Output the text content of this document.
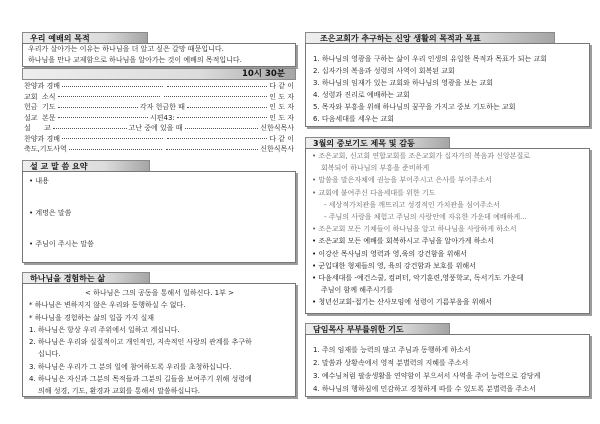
우리 예배의 목적
우리가 살아가는 이유는 하나님을 더 알고 싶은 갈망 때문입니다.
하나님을 만나 교제함으로 하나님을 알아가는 것이 예배의 목적입니다.

10시 30분

찬양과 경배	다 같 이
교회  소식	인 도 자
헌금  기도	각자 헌금한 때	인 도 자
설교  본문	시편43:	인 도 자
설      교	고난 중에 있을 때	신한식목사
찬양과 경배	다 같 이
축도,기도사역	신한식목사
설 교 말 씀 요약
• 내용
• 계명은 말씀
• 주님이 주시는 말씀
하나님을 경험하는 삶
< 하나님은 그의 공동을 통해서 일하신다. 1부 >
* 하나님은 변하지지 않은 우리와 동행하실 수 없다.
* 하나님을 경험하는 삶의 일곱 가지 실재
1. 하나님은 항상 우리 주위에서 일하고 계십니다.
2. 하나님은 우리와 실질적이고 개인적인, 지속적인 사랑의 관계를 추구하
십니다.
3. 하나님은 우리가 그 분의 일에 참여하도록 우리를 초청하십니다.
4. 하나님은 자신과 그분의 목적들과 그분의 길들을 보여주기 위해 성령에
의해 성경, 기도, 환경과 교회를 통해서 말씀하십니다.
조은교회가 추구하는 신앙 생활의 목적과 목표
1. 하나님의 영광을 구하는 삶이 우리 인생의 유일한 목적과 목표가 되는 교회
2. 십자가의 복음과 성령의 사역이 회복된 교회
3. 하나님의 임재가 있는 교회와 하나님의 영광을 보는 교회
4. 성령과 진리로 예배하는 교회
5. 목자와 부흥을 위해 하나님의 꿈꾸을 가지고 중보 기도하는 교회
6. 다음세대를 세우는 교회
3월의 중보기도 제목 및 감동
• 조은교회, 신고회 연합교회를 조은교회가 십자가의 복음과 신앙본질로
회복되어 하나님의 부흥을 준비하게
• 말씀을 말은자체에 권능을 부어주시고 은사를 부어주소서
• 교회에 붙여주신 다음세대를 위한 기도
- 세상적가치관을 깨뜨리고 성경적인 가치관을 심어주소서
- 주님의 사랑을 체험고 주님의 사랑안에 자유한 가운데 예배하게...
• 조은교회 모든 기체들이 하나님을 알고 하나님을 사랑하게 하소서
• 조은교회 모든 예배를 회복하시고 주님을 알아가게 하소서
• 이강산 목사님의 영력과 영,육의 강건함을 위해서
• 군입대한 형제들의 영, 육의 강건함과 보호를 위해서
• 다음세대를 -예건스쿨, 컴퍼터, 악기훈련,영풍학교, 독서기도 가운데
주님이 함께 해주시기를
• 청년선교회-접기는 산사모임에 성령이 기름부음을 위해서
담임목사 부부를위한 기도
1. 주의 임재를 능력의 많고 주님과 동행하게 하소서
2. 말씀과 상황속에서 영적 분별력의 지혜를 주소서
3. 예수님처럼 팔송생활을 연약함이 부으셔서 사역을 주어 능력으로 감당케
4. 하나님의 행하심에 민감하고 경청하게 따를 수 있도록 분별력을 주소서
